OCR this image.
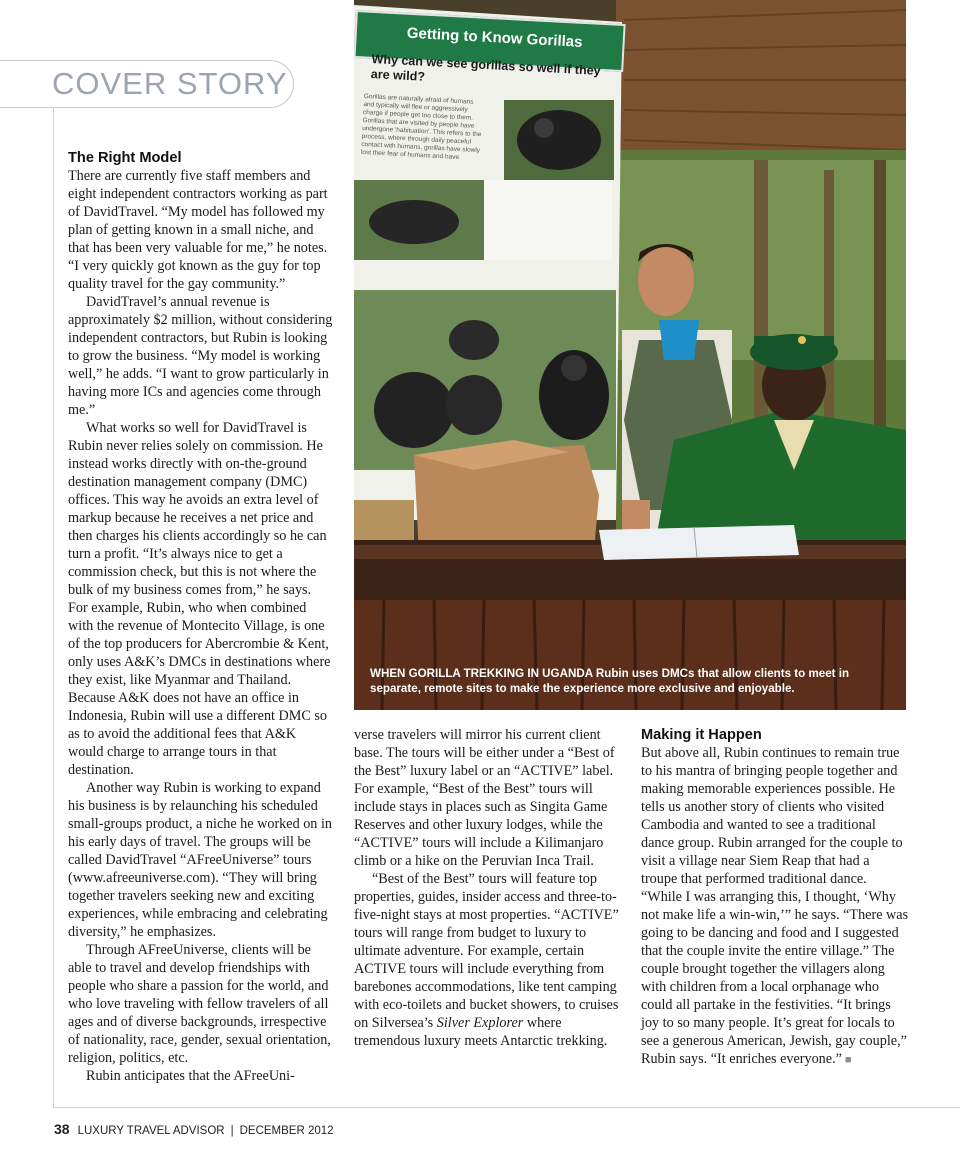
COVER STORY
The Right Model

There are currently five staff members and eight independent contractors working as part of DavidTravel. “My model has followed my plan of getting known in a small niche, and that has been very valuable for me,” he notes. “I very quickly got known as the guy for top quality travel for the gay community.”

DavidTravel’s annual revenue is approximately $2 million, without considering independent contractors, but Rubin is looking to grow the business. “My model is working well,” he adds. “I want to grow particularly in having more ICs and agencies come through me.”

What works so well for DavidTravel is Rubin never relies solely on commission. He instead works directly with on-the-ground destination management company (DMC) offices. This way he avoids an extra level of markup because he receives a net price and then charges his clients accordingly so he can turn a profit. “It’s always nice to get a commission check, but this is not where the bulk of my business comes from,” he says. For example, Rubin, who when combined with the revenue of Montecito Village, is one of the top producers for Abercrombie & Kent, only uses A&K’s DMCs in destinations where they exist, like Myanmar and Thailand. Because A&K does not have an office in Indonesia, Rubin will use a different DMC so as to avoid the additional fees that A&K would charge to arrange tours in that destination.

Another way Rubin is working to expand his business is by relaunching his scheduled small-groups product, a niche he worked on in his early days of travel. The groups will be called DavidTravel “AFreeUniverse” tours (www.afreeuniverse.com). “They will bring together travelers seeking new and exciting experiences, while embracing and celebrating diversity,” he emphasizes.

Through AFreeUniverse, clients will be able to travel and develop friendships with people who share a passion for the world, and who love traveling with fellow travelers of all ages and of diverse backgrounds, irrespective of nationality, race, gender, sexual orientation, religion, politics, etc.

Rubin anticipates that the AFreeUni-

Getting to Know Gorillas
Why can we see gorillas so well if they are wild?
Gorillas are naturally afraid of humans and typically will flee or aggressively charge if people get too close to them. Gorillas that are visited by people have undergone 'habituation'. This refers to the process, where through daily peaceful contact with humans, gorillas have slowly lost their fear of humans and have
WHEN GORILLA TREKKING IN UGANDA Rubin uses DMCs that allow clients to meet in separate, remote sites to make the experience more exclusive and enjoyable.

verse travelers will mirror his current client base. The tours will be either under a “Best of the Best” luxury label or an “ACTIVE” label. For example, “Best of the Best” tours will include stays in places such as Singita Game Reserves and other luxury lodges, while the “ACTIVE” tours will include a Kilimanjaro climb or a hike on the Peruvian Inca Trail.

“Best of the Best” tours will feature top properties, guides, insider access and three-to-five-night stays at most properties. “ACTIVE” tours will range from budget to luxury to ultimate adventure. For example, certain ACTIVE tours will include everything from barebones accommodations, like tent camping with eco-toilets and bucket showers, to cruises on Silversea’s Silver Explorer where tremendous luxury meets Antarctic trekking.

Making it Happen

But above all, Rubin continues to remain true to his mantra of bringing people together and making memorable experiences possible. He tells us another story of clients who visited Cambodia and wanted to see a traditional dance group. Rubin arranged for the couple to visit a village near Siem Reap that had a troupe that performed traditional dance. “While I was arranging this, I thought, ‘Why not make life a win-win,’” he says. “There was going to be dancing and food and I suggested that the couple invite the entire village.” The couple brought together the villagers along with children from a local orphanage who could all partake in the festivities. “It brings joy to so many people. It’s great for locals to see a generous American, Jewish, gay couple,” Rubin says. “It enriches everyone.” ■

38 LUXURY TRAVEL ADVISOR | DECEMBER 2012
